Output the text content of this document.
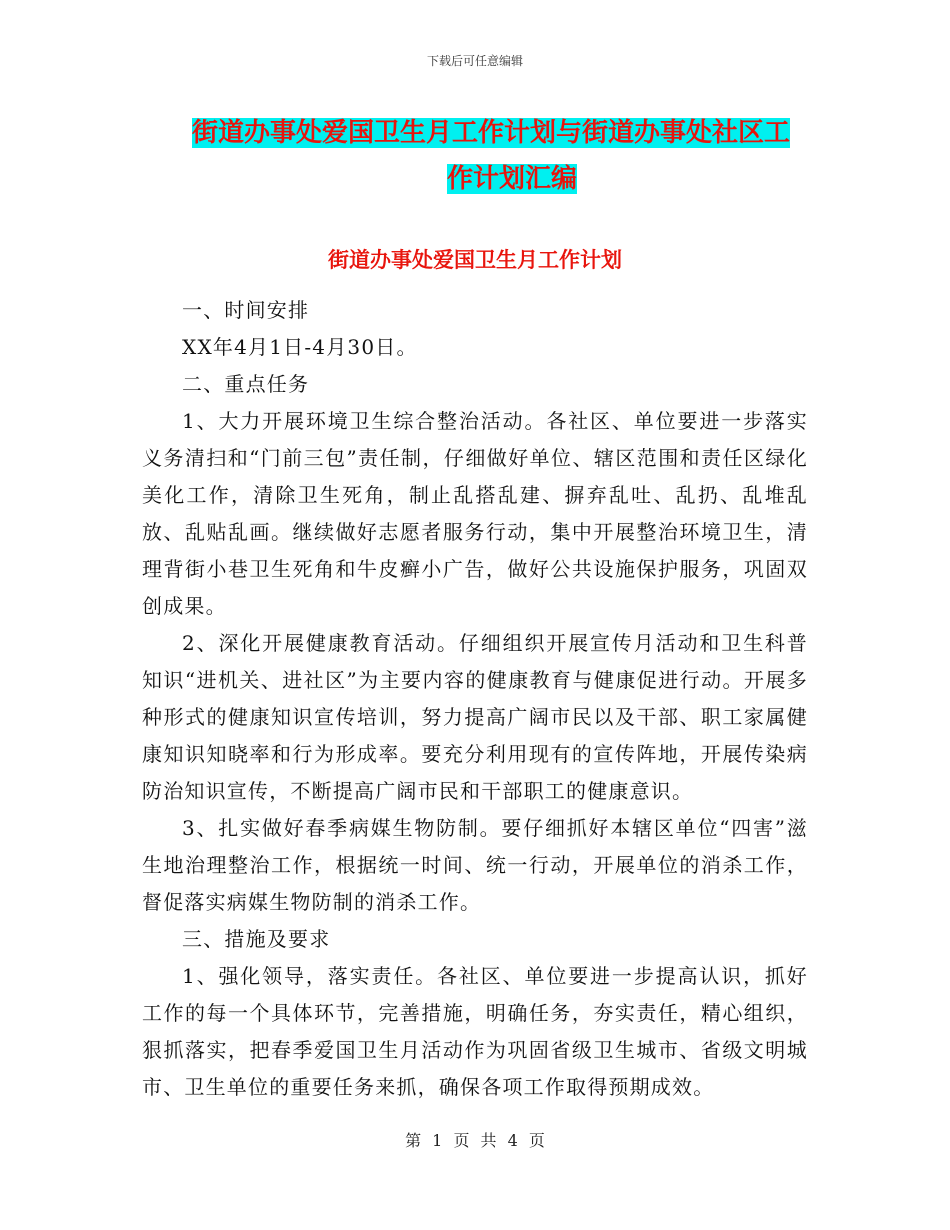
下载后可任意编辑
街道办事处爱国卫生月工作计划与街道办事处社区工
作计划汇编
街道办事处爱国卫生月工作计划

一、时间安排

XX年4月1日-4月30日。

二、重点任务

1、大力开展环境卫生综合整治活动。各社区、单位要进一步落实义务清扫和“门前三包”责任制，仔细做好单位、辖区范围和责任区绿化美化工作，清除卫生死角，制止乱搭乱建、摒弃乱吐、乱扔、乱堆乱放、乱贴乱画。继续做好志愿者服务行动，集中开展整治环境卫生，清理背街小巷卫生死角和牛皮癣小广告，做好公共设施保护服务，巩固双创成果。

2、深化开展健康教育活动。仔细组织开展宣传月活动和卫生科普知识“进机关、进社区”为主要内容的健康教育与健康促进行动。开展多种形式的健康知识宣传培训，努力提高广阔市民以及干部、职工家属健康知识知晓率和行为形成率。要充分利用现有的宣传阵地，开展传染病防治知识宣传，不断提高广阔市民和干部职工的健康意识。

3、扎实做好春季病媒生物防制。要仔细抓好本辖区单位“四害”滋生地治理整治工作，根据统一时间、统一行动，开展单位的消杀工作，督促落实病媒生物防制的消杀工作。

三、措施及要求

1、强化领导，落实责任。各社区、单位要进一步提高认识，抓好工作的每一个具体环节，完善措施，明确任务，夯实责任，精心组织，狠抓落实，把春季爱国卫生月活动作为巩固省级卫生城市、省级文明城市、卫生单位的重要任务来抓，确保各项工作取得预期成效。

第 1 页 共 4 页
